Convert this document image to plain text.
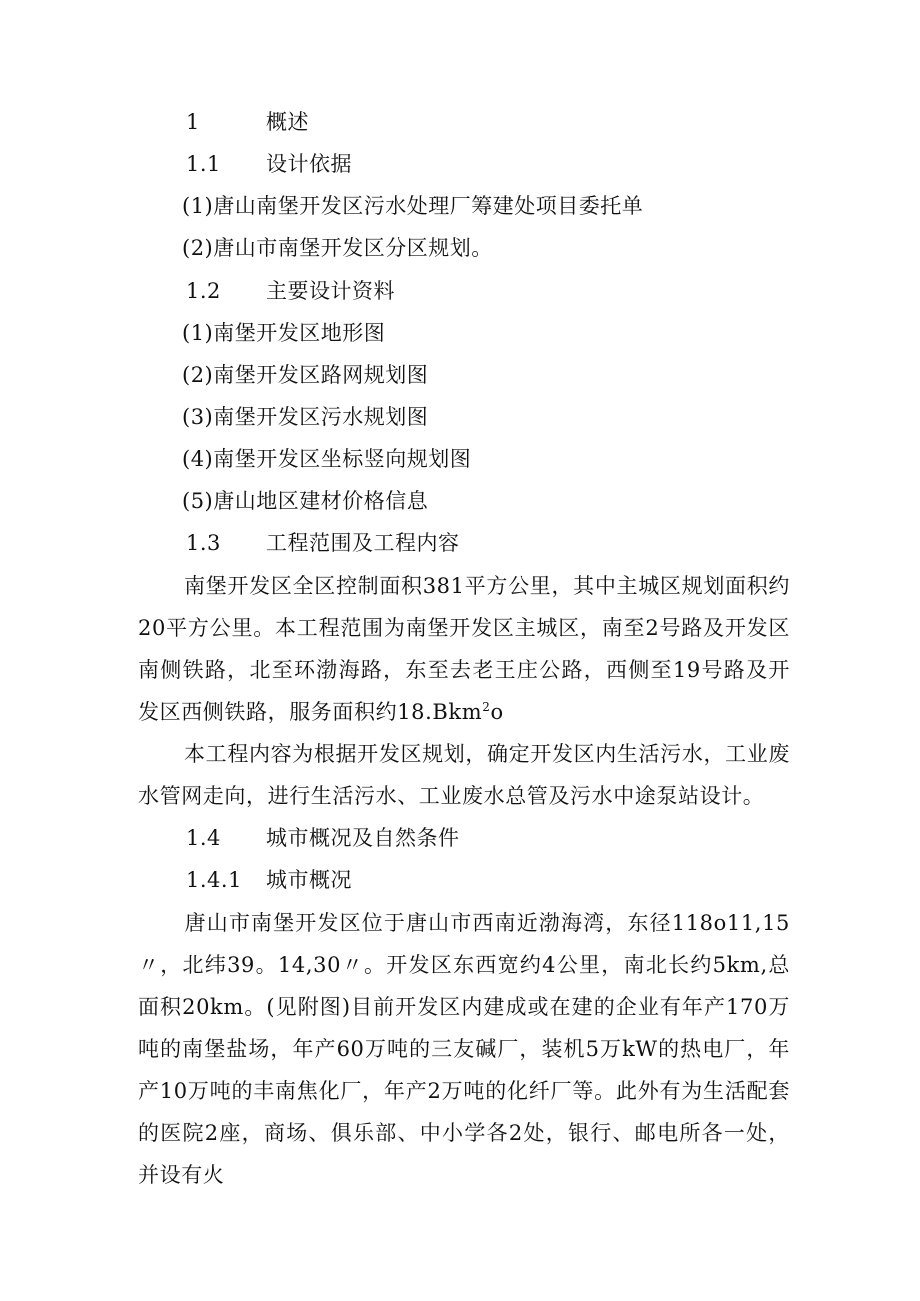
1	概述
1.1 设计依据
(1)唐山南堡开发区污水处理厂筹建处项目委托单
(2)唐山市南堡开发区分区规划。
1.2 主要设计资料
(1)南堡开发区地形图
(2)南堡开发区路网规划图
(3)南堡开发区污水规划图
(4)南堡开发区坐标竖向规划图
(5)唐山地区建材价格信息
1.3 工程范围及工程内容
南堡开发区全区控制面积381平方公里，其中主城区规划面积约20平方公里。本工程范围为南堡开发区主城区，南至2号路及开发区南侧铁路，北至环渤海路，东至去老王庄公路，西侧至19号路及开发区西侧铁路，服务面积约18.Bkm$^2$o
本工程内容为根据开发区规划，确定开发区内生活污水，工业废水管网走向，进行生活污水、工业废水总管及污水中途泵站设计。
1.4 城市概况及自然条件
1.4.1 城市概况
唐山市南堡开发区位于唐山市西南近渤海湾，东径118o11,15〃，北纬39。14,30〃。开发区东西宽约4公里，南北长约5km,总面积20km。(见附图)目前开发区内建成或在建的企业有年产170万吨的南堡盐场，年产60万吨的三友碱厂，装机5万kW的热电厂，年产10万吨的丰南焦化厂，年产2万吨的化纤厂等。此外有为生活配套的医院2座，商场、俱乐部、中小学各2处，银行、邮电所各一处，并设有火
